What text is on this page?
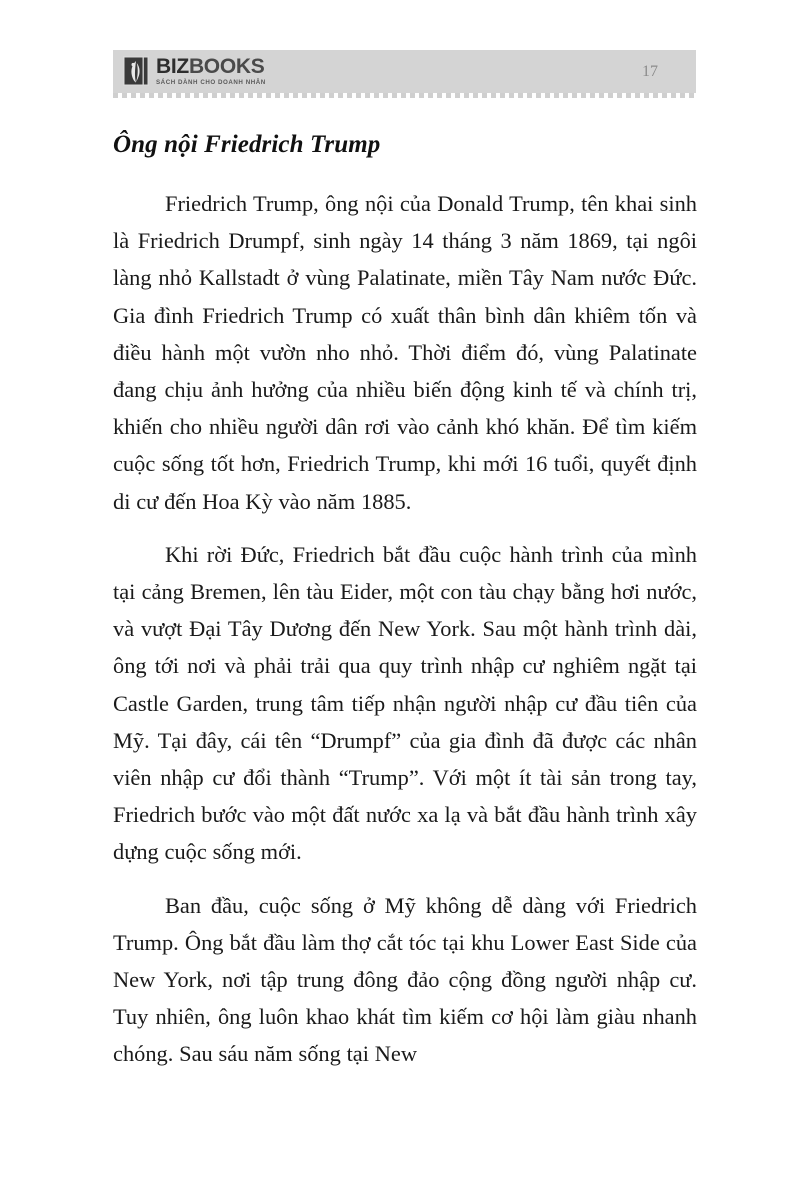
BIZBOOKS
SÁCH DÀNH CHO DOANH NHÂN
17
Ông nội Friedrich Trump

Friedrich Trump, ông nội của Donald Trump, tên khai sinh là Friedrich Drumpf, sinh ngày 14 tháng 3 năm 1869, tại ngôi làng nhỏ Kallstadt ở vùng Palatinate, miền Tây Nam nước Đức. Gia đình Friedrich Trump có xuất thân bình dân khiêm tốn và điều hành một vườn nho nhỏ. Thời điểm đó, vùng Palatinate đang chịu ảnh hưởng của nhiều biến động kinh tế và chính trị, khiến cho nhiều người dân rơi vào cảnh khó khăn. Để tìm kiếm cuộc sống tốt hơn, Friedrich Trump, khi mới 16 tuổi, quyết định di cư đến Hoa Kỳ vào năm 1885.

Khi rời Đức, Friedrich bắt đầu cuộc hành trình của mình tại cảng Bremen, lên tàu Eider, một con tàu chạy bằng hơi nước, và vượt Đại Tây Dương đến New York. Sau một hành trình dài, ông tới nơi và phải trải qua quy trình nhập cư nghiêm ngặt tại Castle Garden, trung tâm tiếp nhận người nhập cư đầu tiên của Mỹ. Tại đây, cái tên “Drumpf” của gia đình đã được các nhân viên nhập cư đổi thành “Trump”. Với một ít tài sản trong tay, Friedrich bước vào một đất nước xa lạ và bắt đầu hành trình xây dựng cuộc sống mới.

Ban đầu, cuộc sống ở Mỹ không dễ dàng với Friedrich Trump. Ông bắt đầu làm thợ cắt tóc tại khu Lower East Side của New York, nơi tập trung đông đảo cộng đồng người nhập cư. Tuy nhiên, ông luôn khao khát tìm kiếm cơ hội làm giàu nhanh chóng. Sau sáu năm sống tại New
